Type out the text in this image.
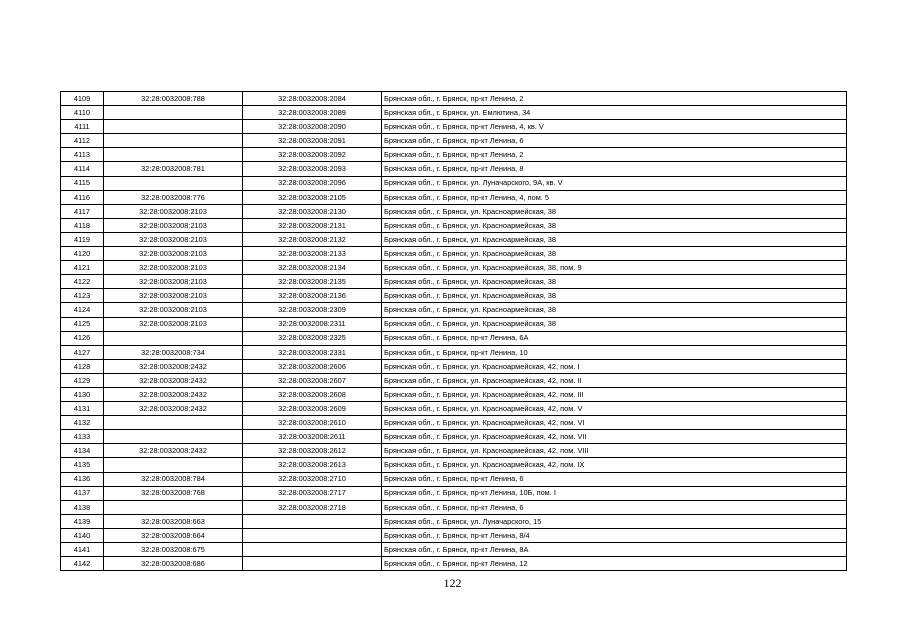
4109	32:28:0032008:788	32:28:0032008:2084	Брянская обл., г. Брянск, пр-кт Ленина, 2
4110		32:28:0032008:2089	Брянская обл., г. Брянск, ул. Емлютина, 34
4111		32:28:0032008:2090	Брянская обл., г. Брянск, пр-кт Ленина, 4, кв. V
4112		32:28:0032008:2091	Брянская обл., г. Брянск, пр-кт Ленина, 6
4113		32:28:0032008:2092	Брянская обл., г. Брянск, пр-кт Ленина, 2
4114	32:28:0032008:781	32:28:0032008:2093	Брянская обл., г. Брянск, пр-кт Ленина, 8
4115		32:28:0032008:2096	Брянская обл., г. Брянск, ул. Луначарского, 9А, кв. V
4116	32:28:0032008:776	32:28:0032008:2105	Брянская обл., г. Брянск, пр-кт Ленина, 4, пом. 5
4117	32:28:0032008:2103	32:28:0032008:2130	Брянская обл., г. Брянск, ул. Красноармейская, 38
4118	32:28:0032008:2103	32:28:0032008:2131	Брянская обл., г. Брянск, ул. Красноармейская, 38
4119	32:28:0032008:2103	32:28:0032008:2132	Брянская обл., г. Брянск, ул. Красноармейская, 38
4120	32:28:0032008:2103	32:28:0032008:2133	Брянская обл., г. Брянск, ул. Красноармейская, 38
4121	32:28:0032008:2103	32:28:0032008:2134	Брянская обл., г. Брянск, ул. Красноармейская, 38, пом. 9
4122	32:28:0032008:2103	32:28:0032008:2135	Брянская обл., г. Брянск, ул. Красноармейская, 38
4123	32:28:0032008:2103	32:28:0032008:2136	Брянская обл., г. Брянск, ул. Красноармейская, 38
4124	32:28:0032008:2103	32:28:0032008:2309	Брянская обл., г. Брянск, ул. Красноармейская, 38
4125	32:28:0032008:2103	32:28:0032008:2311	Брянская обл., г. Брянск, ул. Красноармейская, 38
4126		32:28:0032008:2325	Брянская обл., г. Брянск, пр-кт Ленина, 6А
4127	32:28:0032008:734	32:28:0032008:2331	Брянская обл., г. Брянск, пр-кт Ленина, 10
4128	32:28:0032008:2432	32:28:0032008:2606	Брянская обл., г. Брянск, ул. Красноармейская, 42, пом. I
4129	32:28:0032008:2432	32:28:0032008:2607	Брянская обл., г. Брянск, ул. Красноармейская, 42, пом. II
4130	32:28:0032008:2432	32:28:0032008:2608	Брянская обл., г. Брянск, ул. Красноармейская, 42, пом. III
4131	32:28:0032008:2432	32:28:0032008:2609	Брянская обл., г. Брянск, ул. Красноармейская, 42, пом. V
4132		32:28:0032008:2610	Брянская обл., г. Брянск, ул. Красноармейская, 42, пом. VI
4133		32:28:0032008:2611	Брянская обл., г. Брянск, ул. Красноармейская, 42, пом. VII
4134	32:28:0032008:2432	32:28:0032008:2612	Брянская обл., г. Брянск, ул. Красноармейская, 42, пом. VIII
4135		32:28:0032008:2613	Брянская обл., г. Брянск, ул. Красноармейская, 42, пом. IX
4136	32:28:0032008:784	32:28:0032008:2710	Брянская обл., г. Брянск, пр-кт Ленина, 6
4137	32:28:0032008:768	32:28:0032008:2717	Брянская обл., г. Брянск, пр-кт Ленина, 10Б, пом. I
4138		32:28:0032008:2718	Брянская обл., г. Брянск, пр-кт Ленина, 6
4139	32:28:0032008:663		Брянская обл., г. Брянск, ул. Луначарского, 15
4140	32:28:0032008:664		Брянская обл., г. Брянск, пр-кт Ленина, 8/4
4141	32:28:0032008:675		Брянская обл., г. Брянск, пр-кт Ленина, 8А
4142	32:28:0032008:686		Брянская обл., г. Брянск, пр-кт Ленина, 12
122
